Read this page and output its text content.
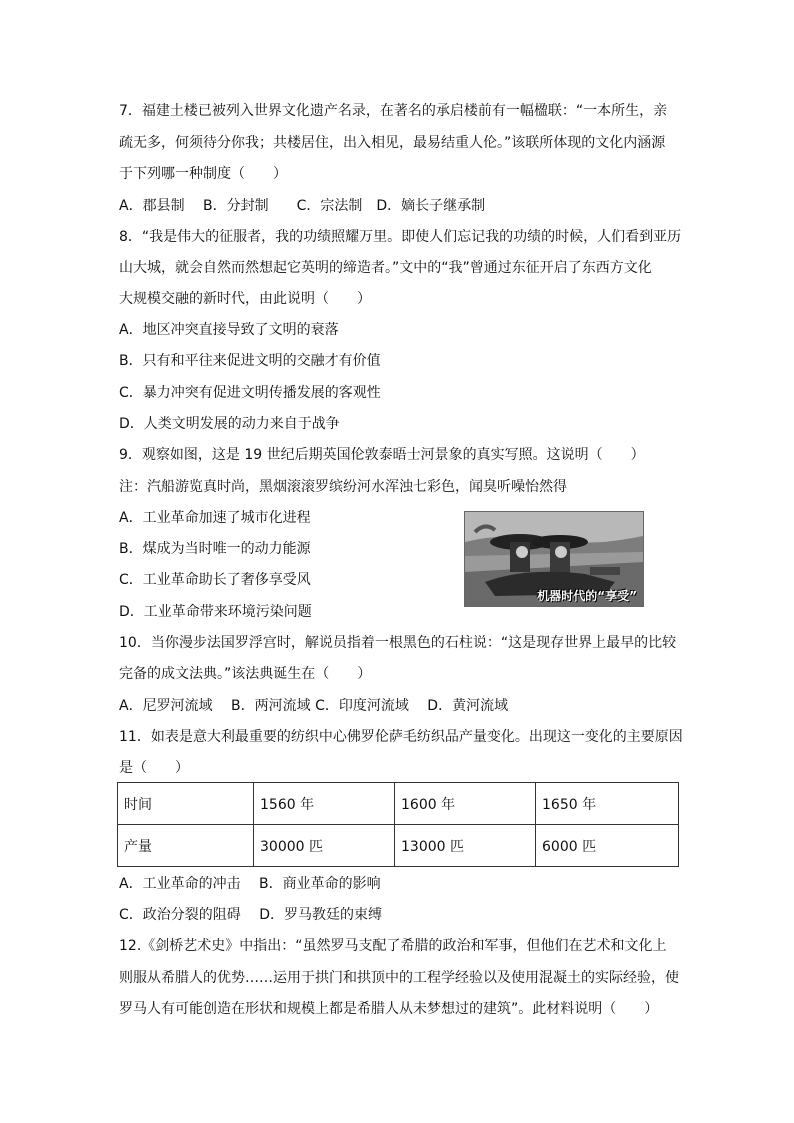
7．福建土楼已被列入世界文化遗产名录，在著名的承启楼前有一幅楹联：“一本所生，亲
疏无多，何须待分你我；共楼居住，出入相见，最易结重人伦。”该联所体现的文化内涵源
于下列哪一种制度（　　）
A．郡县制　 B．分封制　　C．宗法制　D．嫡长子继承制
8．“我是伟大的征服者，我的功绩照耀万里。即使人们忘记我的功绩的时候，人们看到亚历
山大城，就会自然而然想起它英明的缔造者。”文中的“我”曾通过东征开启了东西方文化
大规模交融的新时代，由此说明（　　）
A．地区冲突直接导致了文明的衰落
B．只有和平往来促进文明的交融才有价值
C．暴力冲突有促进文明传播发展的客观性
D．人类文明发展的动力来自于战争
9．观察如图，这是 19 世纪后期英国伦敦泰晤士河景象的真实写照。这说明（　　）
注：汽船游览真时尚，黑烟滚滚罗缤纷河水浑浊七彩色，闻臭听噪怡然得
A．工业革命加速了城市化进程
B．煤成为当时唯一的动力能源
C．工业革命助长了奢侈享受风
D．工业革命带来环境污染问题
机器时代的“享受”
10．当你漫步法国罗浮宫时，解说员指着一根黑色的石柱说：“这是现存世界上最早的比较
完备的成文法典。”该法典诞生在（　　）
A．尼罗河流域　 B．两河流域 C．印度河流域　 D．黄河流域
11．如表是意大利最重要的纺织中心佛罗伦萨毛纺织品产量变化。出现这一变化的主要原因
是（　　）
时间	1560 年	1600 年	1650 年
产量	30000 匹	13000 匹	6000 匹
A．工业革命的冲击　 B．商业革命的影响
C．政治分裂的阻碍　 D．罗马教廷的束缚
12.《剑桥艺术史》中指出：“虽然罗马支配了希腊的政治和军事，但他们在艺术和文化上
则服从希腊人的优势……运用于拱门和拱顶中的工程学经验以及使用混凝土的实际经验，使
罗马人有可能创造在形状和规模上都是希腊人从未梦想过的建筑”。此材料说明（　　）
